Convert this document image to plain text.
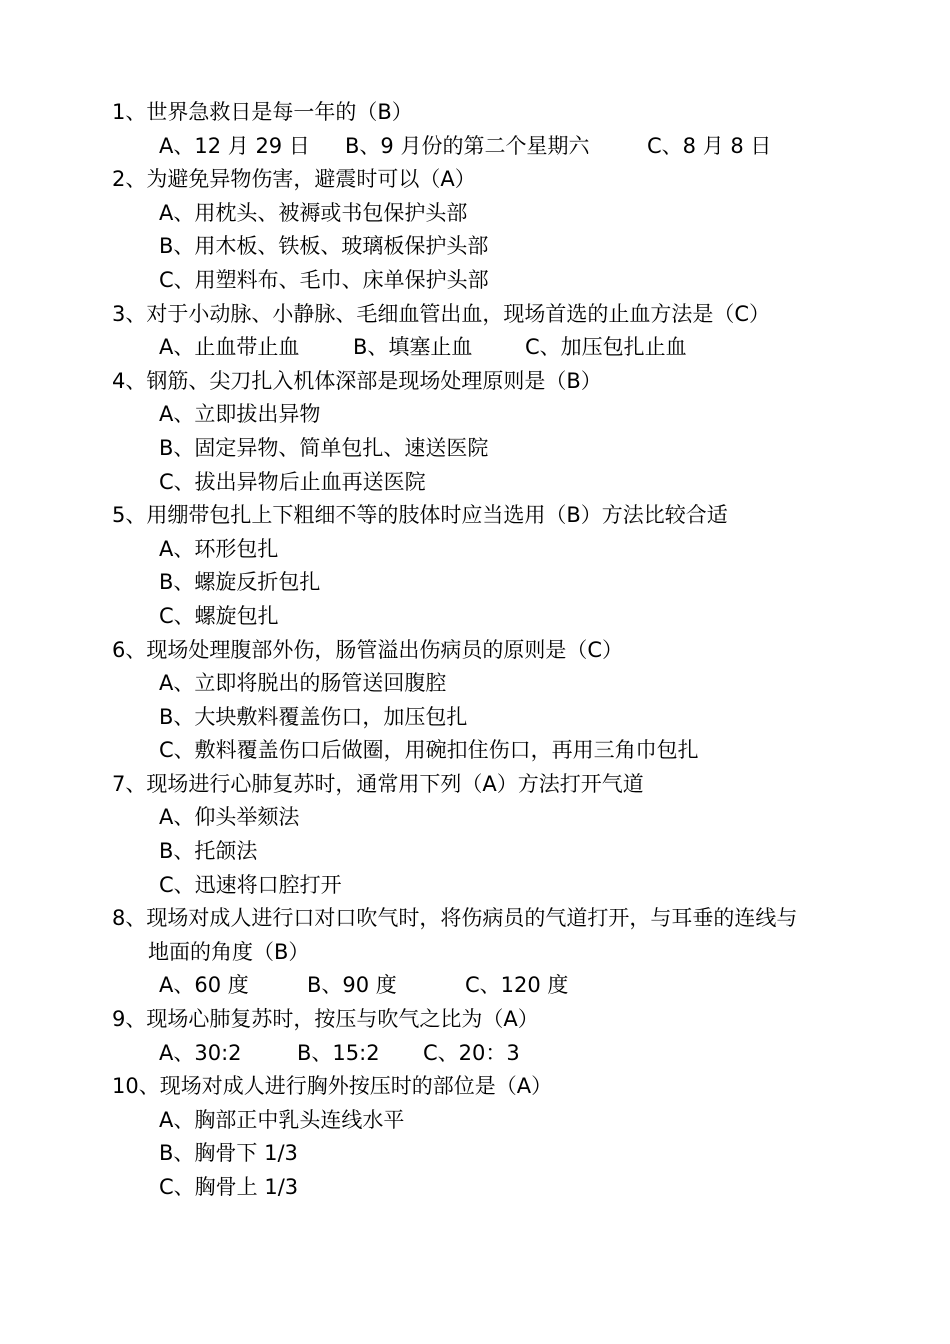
1、世界急救日是每一年的（B）
A、12 月 29 日	B、9 月份的第二个星期六	C、8 月 8 日
2、为避免异物伤害，避震时可以（A）
A、用枕头、被褥或书包保护头部
B、用木板、铁板、玻璃板保护头部
C、用塑料布、毛巾、床单保护头部
3、对于小动脉、小静脉、毛细血管出血，现场首选的止血方法是（C）
A、止血带止血	B、填塞止血	C、加压包扎止血
4、钢筋、尖刀扎入机体深部是现场处理原则是（B）
A、立即拔出异物
B、固定异物、简单包扎、速送医院
C、拔出异物后止血再送医院
5、用绷带包扎上下粗细不等的肢体时应当选用（B）方法比较合适
A、环形包扎
B、螺旋反折包扎
C、螺旋包扎
6、现场处理腹部外伤，肠管溢出伤病员的原则是（C）
A、立即将脱出的肠管送回腹腔
B、大块敷料覆盖伤口，加压包扎
C、敷料覆盖伤口后做圈，用碗扣住伤口，再用三角巾包扎
7、现场进行心肺复苏时，通常用下列（A）方法打开气道
A、仰头举颏法
B、托颌法
C、迅速将口腔打开
8、现场对成人进行口对口吹气时，将伤病员的气道打开，与耳垂的连线与
地面的角度（B）
A、60 度	B、90 度	C、120 度
9、现场心肺复苏时，按压与吹气之比为（A）
A、30:2	B、15:2	C、20：3
10、现场对成人进行胸外按压时的部位是（A）
A、胸部正中乳头连线水平
B、胸骨下 1/3
C、胸骨上 1/3
